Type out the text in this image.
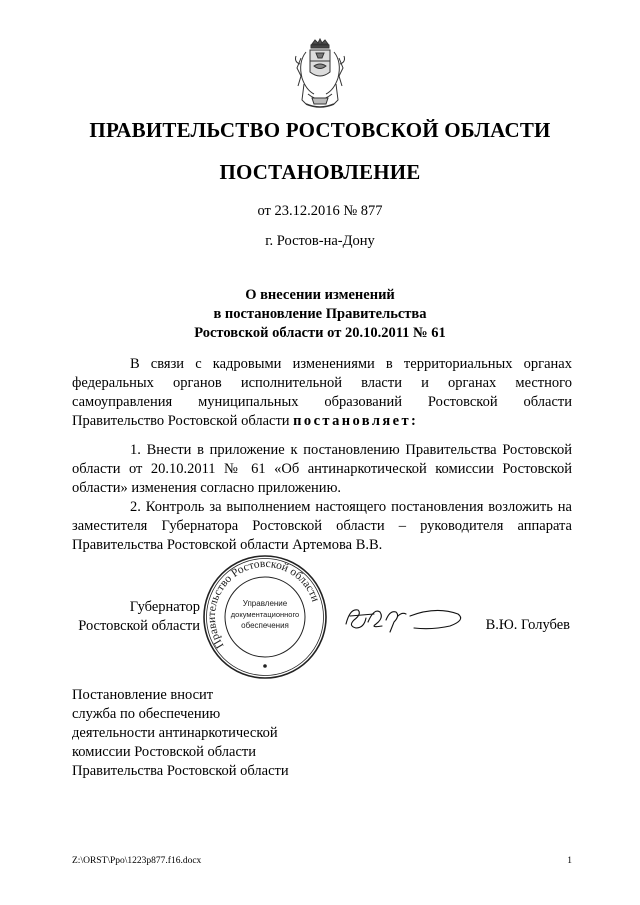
ПРАВИТЕЛЬСТВО РОСТОВСКОЙ ОБЛАСТИ
ПОСТАНОВЛЕНИЕ
от 23.12.2016 № 877
г. Ростов-на-Дону
О внесении изменений
в постановление Правительства
Ростовской области от 20.10.2011 № 61

В связи с кадровыми изменениями в территориальных органах федеральных органов исполнительной власти и органах местного самоуправления муниципальных образований Ростовской области Правительство Ростовской области постановляет:

1. Внести в приложение к постановлению Правительства Ростовской области от 20.10.2011 № 61 «Об антинаркотической комиссии Ростовской области» изменения согласно приложению.

2. Контроль за выполнением настоящего постановления возложить на заместителя Губернатора Ростовской области – руководителя аппарата Правительства Ростовской области Артемова В.В.

Губернатор
Ростовской области
Правительство Ростовской области
Управление
документационного
обеспечения	В.Ю. Голубев
Постановление вносит
служба по обеспечению
деятельности антинаркотической
комиссии Ростовской области
Правительства Ростовской области
Z:\ORST\Ppo\1223p877.f16.docx	1
